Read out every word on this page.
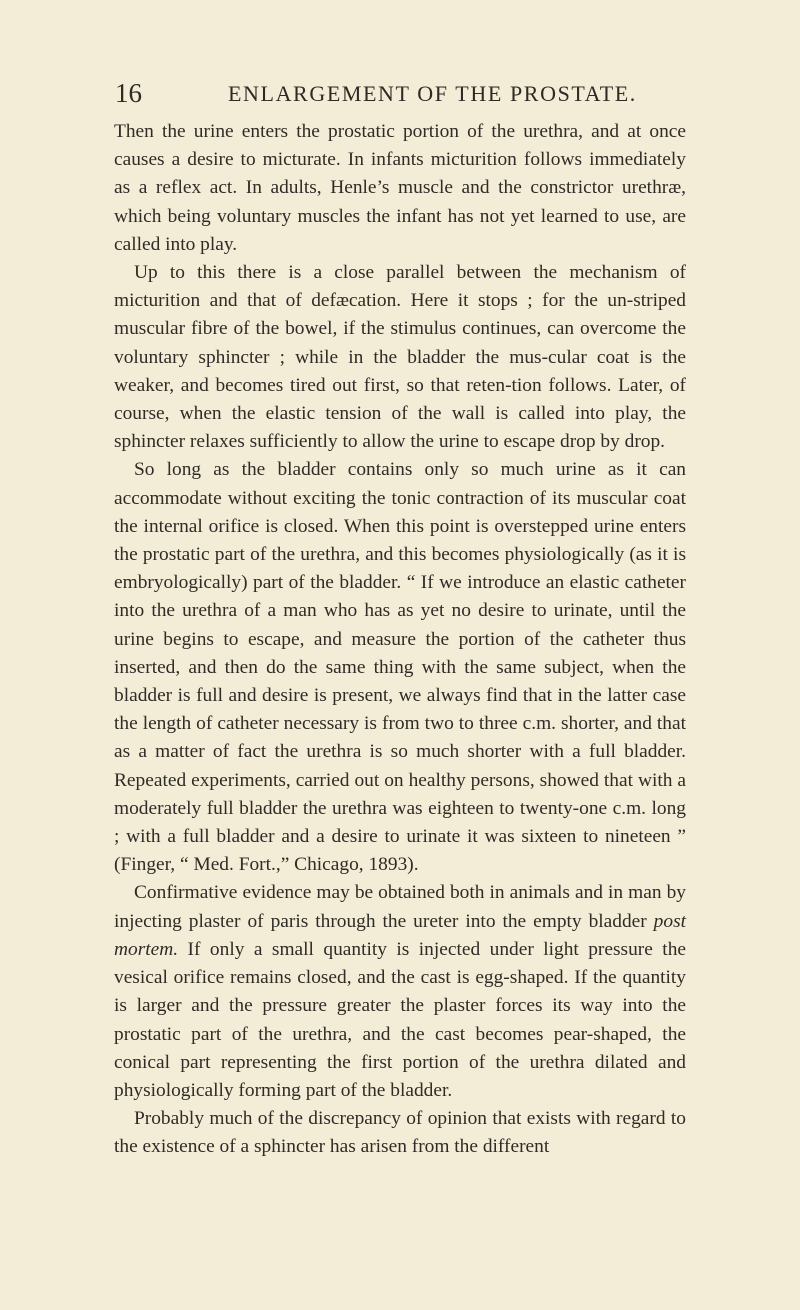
16	ENLARGEMENT OF THE PROSTATE.

Then the urine enters the prostatic portion of the urethra, and at once causes a desire to micturate. In infants micturition follows immediately as a reflex act. In adults, Henle’s muscle and the constrictor urethræ, which being voluntary muscles the infant has not yet learned to use, are called into play.

Up to this there is a close parallel between the mechanism of micturition and that of defæcation. Here it stops ; for the un-striped muscular fibre of the bowel, if the stimulus continues, can overcome the voluntary sphincter ; while in the bladder the mus-cular coat is the weaker, and becomes tired out first, so that reten-tion follows. Later, of course, when the elastic tension of the wall is called into play, the sphincter relaxes sufficiently to allow the urine to escape drop by drop.

So long as the bladder contains only so much urine as it can accommodate without exciting the tonic contraction of its muscular coat the internal orifice is closed. When this point is overstepped urine enters the prostatic part of the urethra, and this becomes physiologically (as it is embryologically) part of the bladder. “ If we introduce an elastic catheter into the urethra of a man who has as yet no desire to urinate, until the urine begins to escape, and measure the portion of the catheter thus inserted, and then do the same thing with the same subject, when the bladder is full and desire is present, we always find that in the latter case the length of catheter necessary is from two to three c.m. shorter, and that as a matter of fact the urethra is so much shorter with a full bladder. Repeated experiments, carried out on healthy persons, showed that with a moderately full bladder the urethra was eighteen to twenty-one c.m. long ; with a full bladder and a desire to urinate it was sixteen to nineteen ” (Finger, “ Med. Fort.,” Chicago, 1893).

Confirmative evidence may be obtained both in animals and in man by injecting plaster of paris through the ureter into the empty bladder post mortem. If only a small quantity is injected under light pressure the vesical orifice remains closed, and the cast is egg-shaped. If the quantity is larger and the pressure greater the plaster forces its way into the prostatic part of the urethra, and the cast becomes pear-shaped, the conical part representing the first portion of the urethra dilated and physiologically forming part of the bladder.

Probably much of the discrepancy of opinion that exists with regard to the existence of a sphincter has arisen from the different
